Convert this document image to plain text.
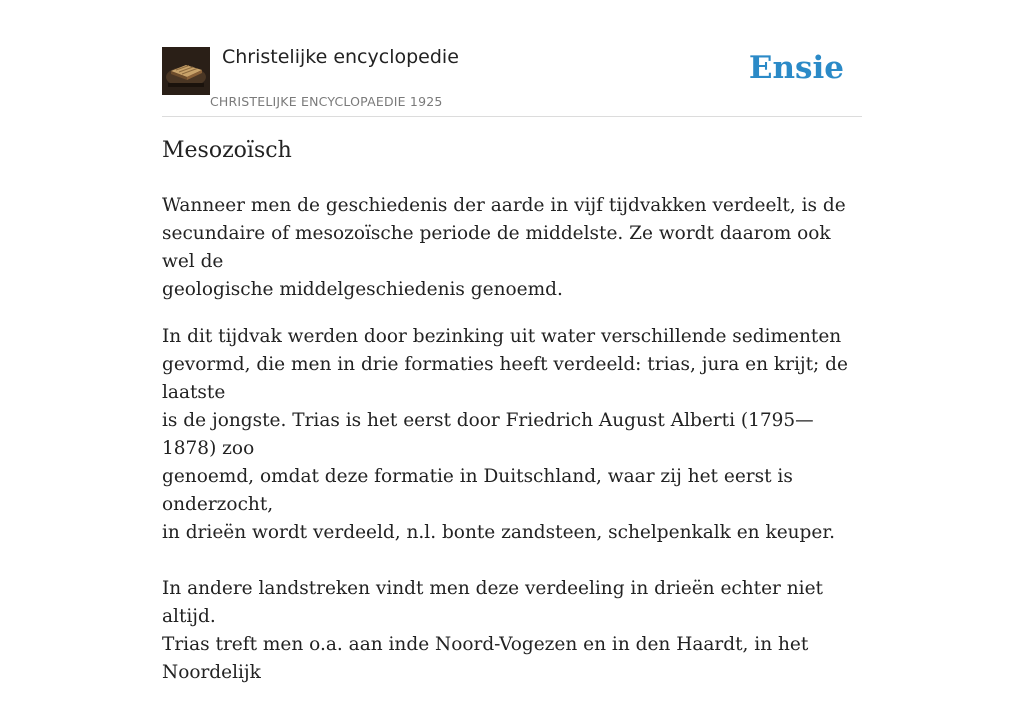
Christelijke encyclopedie
CHRISTELIJKE ENCYCLOPAEDIE 1925
Ensie
Mesozoïsch

Wanneer men de geschiedenis der aarde in vijf tijdvakken verdeelt, is de
secundaire of mesozoïsche periode de middelste. Ze wordt daarom ook wel de
geologische middelgeschiedenis genoemd.

In dit tijdvak werden door bezinking uit water verschillende sedimenten
gevormd, die men in drie formaties heeft verdeeld: trias, jura en krijt; de laatste
is de jongste. Trias is het eerst door Friedrich August Alberti (1795—1878) zoo
genoemd, omdat deze formatie in Duitschland, waar zij het eerst is onderzocht,
in drieën wordt verdeeld, n.l. bonte zandsteen, schelpenkalk en keuper.

In andere landstreken vindt men deze verdeeling in drieën echter niet altijd.
Trias treft men o.a. aan inde Noord-Vogezen en in den Haardt, in het Noordelijk
